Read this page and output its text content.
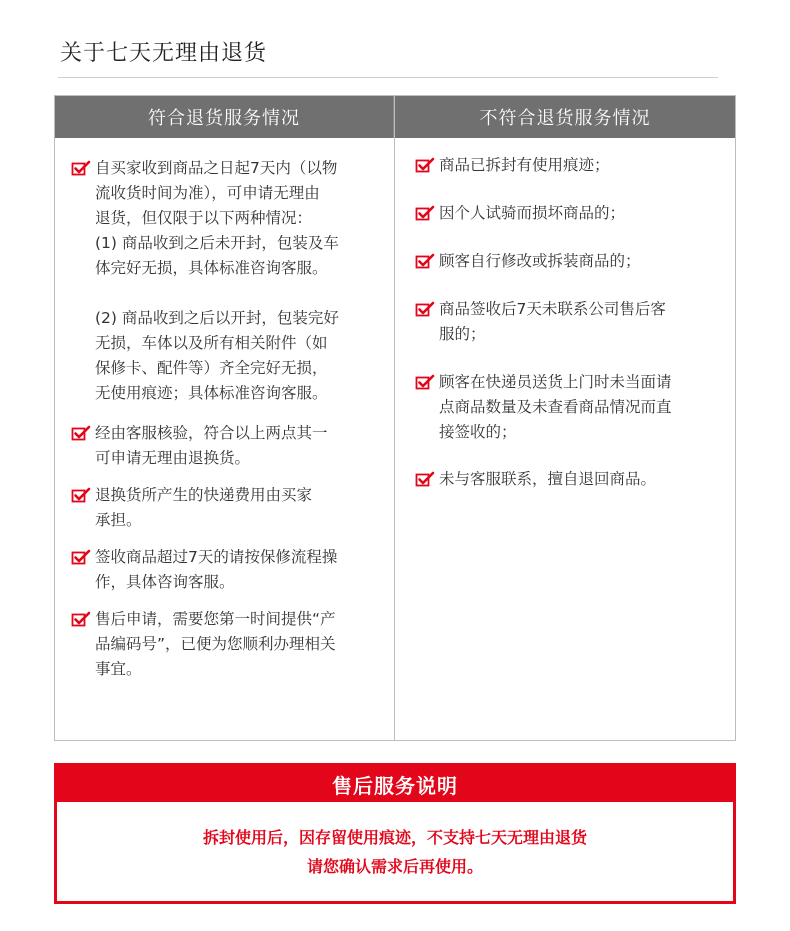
关于七天无理由退货
符合退货服务情况
自买家收到商品之日起7天内（以物
流收货时间为准），可申请无理由
退货，但仅限于以下两种情况：
(1) 商品收到之后未开封，包装及车
体完好无损，具体标准咨询客服。
(2) 商品收到之后以开封，包装完好
无损，车体以及所有相关附件（如
保修卡、配件等）齐全完好无损，
无使用痕迹；具体标准咨询客服。
经由客服核验，符合以上两点其一
可申请无理由退换货。
退换货所产生的快递费用由买家
承担。
签收商品超过7天的请按保修流程操
作，具体咨询客服。
售后申请，需要您第一时间提供“产
品编码号”，已便为您顺利办理相关
事宜。
不符合退货服务情况
商品已拆封有使用痕迹；
因个人试骑而损坏商品的；
顾客自行修改或拆装商品的；
商品签收后7天未联系公司售后客
服的；
顾客在快递员送货上门时未当面请
点商品数量及未查看商品情况而直
接签收的；
未与客服联系，擅自退回商品。
售后服务说明
拆封使用后，因存留使用痕迹，不支持七天无理由退货
请您确认需求后再使用。
